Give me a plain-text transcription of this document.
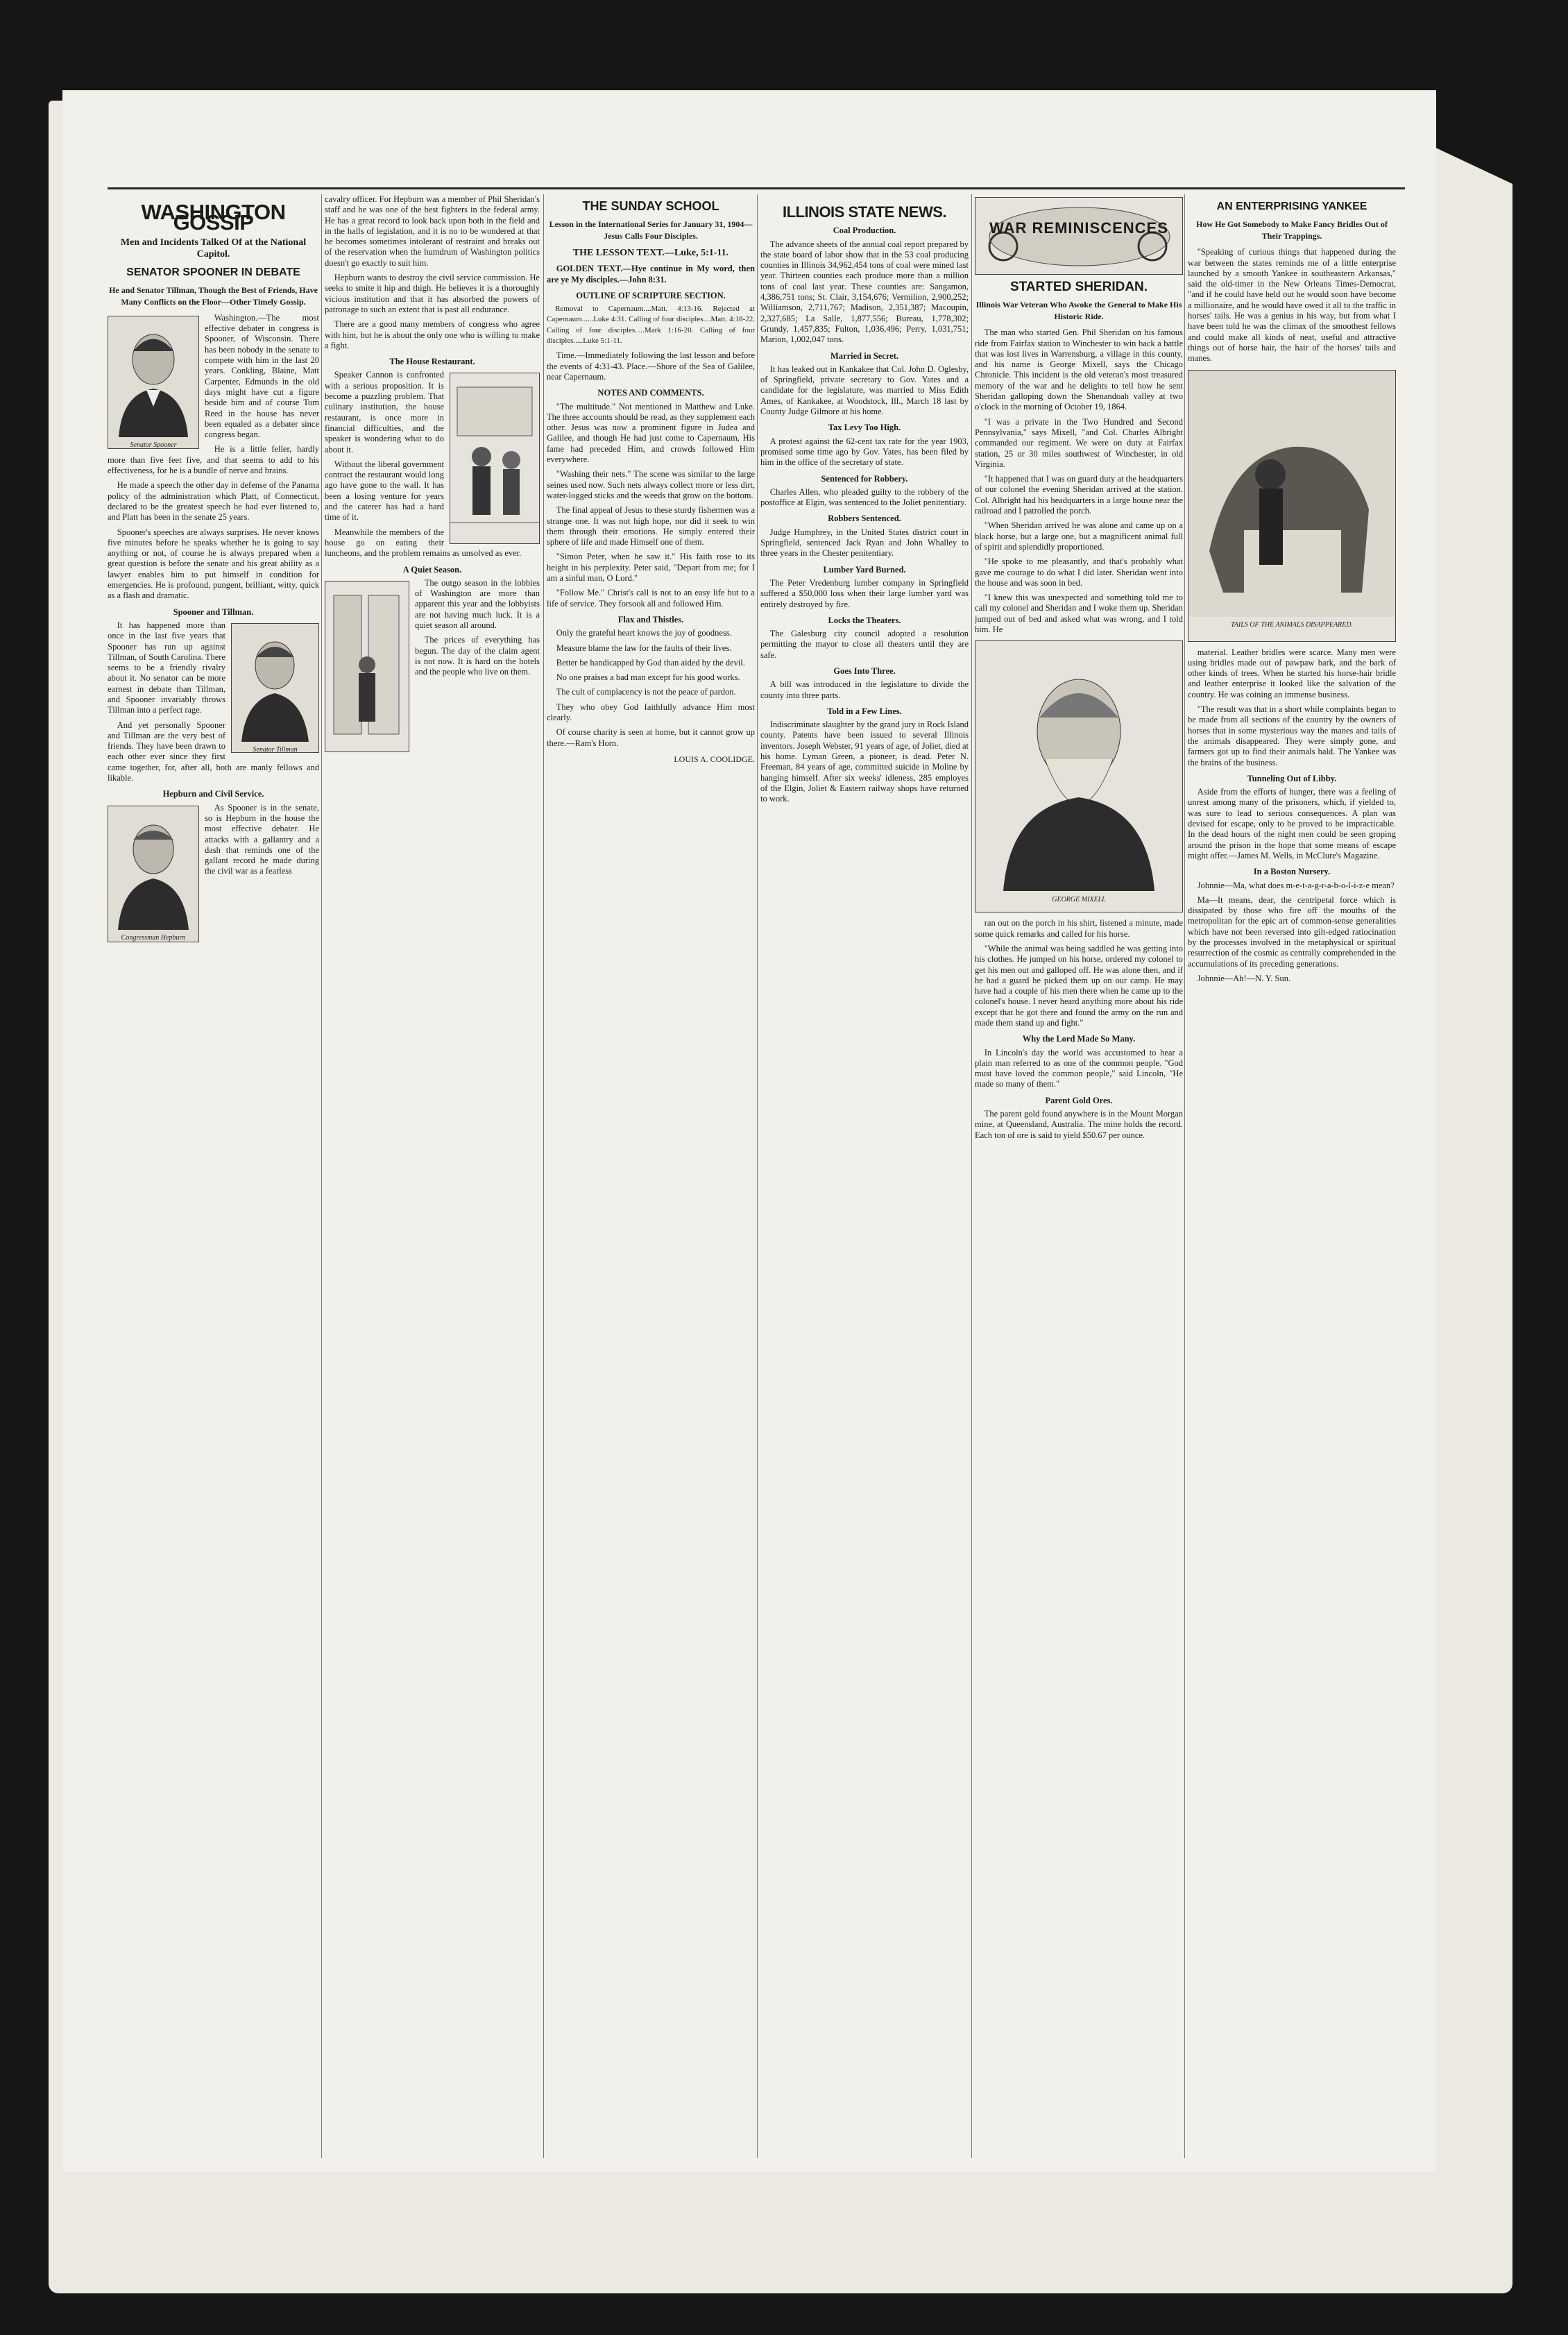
WASHINGTON GOSSIP
Men and Incidents Talked Of at the National Capitol.
SENATOR SPOONER IN DEBATE
He and Senator Tillman, Though the Best of Friends, Have Many Conflicts on the Floor—Other Timely Gossip.
Senator Spooner

Washington.—The most effective debater in congress is Spooner, of Wisconsin. There has been nobody in the senate to compete with him in the last 20 years. Conkling, Blaine, Matt Carpenter, Edmunds in the old days might have cut a figure beside him and of course Tom Reed in the house has never been equaled as a debater since congress began.

He is a little feller, hardly more than five feet five, and that seems to add to his effectiveness, for he is a bundle of nerve and brains.

He made a speech the other day in defense of the Panama policy of the administration which Platt, of Connecticut, declared to be the greatest speech he had ever listened to, and Platt has been in the senate 25 years.

Spooner's speeches are always surprises. He never knows five minutes before he speaks whether he is going to say anything or not, of course he is always prepared when a great question is before the senate and his great ability as a lawyer enables him to put himself in condition for emergencies. He is profound, pungent, brilliant, witty, quick as a flash and dramatic.

Spooner and Tillman.
Senator Tillman

It has happened more than once in the last five years that Spooner has run up against Tillman, of South Carolina. There seems to be a friendly rivalry about it. No senator can be more earnest in debate than Tillman, and Spooner invariably throws Tillman into a perfect rage.

And yet personally Spooner and Tillman are the very best of friends. They have been drawn to each other ever since they first came together, for, after all, both are manly fellows and likable.

Hepburn and Civil Service.
Congressman Hepburn

As Spooner is in the senate, so is Hepburn in the house the most effective debater. He attacks with a gallantry and a dash that reminds one of the gallant record he made during the civil war as a fearless

cavalry officer. For Hepburn was a member of Phil Sheridan's staff and he was one of the best fighters in the federal army. He has a great record to look back upon both in the field and in the halls of legislation, and it is no to be wondered at that he becomes sometimes intolerant of restraint and breaks out of the reservation when the humdrum of Washington politics doesn't go exactly to suit him.

Hepburn wants to destroy the civil service commission. He seeks to smite it hip and thigh. He believes it is a thoroughly vicious institution and that it has absorbed the powers of patronage to such an extent that is past all endurance.

There are a good many members of congress who agree with him, but he is about the only one who is willing to make a fight.

The House Restaurant.

Speaker Cannon is confronted with a serious proposition. It is become a puzzling problem. That culinary institution, the house restaurant, is once more in financial difficulties, and the speaker is wondering what to do about it.

Without the liberal government contract the restaurant would long ago have gone to the wall. It has been a losing venture for years and the caterer has had a hard time of it.

Meanwhile the members of the house go on eating their luncheons, and the problem remains as unsolved as ever.

A Quiet Season.

The outgo season in the lobbies of Washington are more than apparent this year and the lobbyists are not having much luck. It is a quiet season all around.

The prices of everything has begun. The day of the claim agent is not now. It is hard on the hotels and the people who live on them.

THE SUNDAY SCHOOL
Lesson in the International Series for January 31, 1904—Jesus Calls Four Disciples.
THE LESSON TEXT.—Luke, 5:1-11.

GOLDEN TEXT.—Hye continue in My word, then are ye My disciples.—John 8:31.

OUTLINE OF SCRIPTURE SECTION.

Removal to Capernaum....Matt. 4:13-16. Rejected at Capernaum......Luke 4:31. Calling of four disciples....Matt. 4:18-22. Calling of four disciples.....Mark 1:16-20. Calling of four disciples.....Luke 5:1-11.

Time.—Immediately following the last lesson and before the events of 4:31-43. Place.—Shore of the Sea of Galilee, near Capernaum.

NOTES AND COMMENTS.

"The multitude." Not mentioned in Matthew and Luke. The three accounts should be read, as they supplement each other. Jesus was now a prominent figure in Judea and Galilee, and though He had just come to Capernaum, His fame had preceded Him, and crowds followed Him everywhere.

"Washing their nets." The scene was similar to the large seines used now. Such nets always collect more or less dirt, water-logged sticks and the weeds that grow on the bottom.

The final appeal of Jesus to these sturdy fishermen was a strange one. It was not high hope, nor did it seek to win them through their emotions. He simply entered their sphere of life and made Himself one of them.

"Simon Peter, when he saw it." His faith rose to its height in his perplexity. Peter said, "Depart from me; for I am a sinful man, O Lord."

"Follow Me." Christ's call is not to an easy life but to a life of service. They forsook all and followed Him.

Flax and Thistles.

Only the grateful heart knows the joy of goodness.

Measure blame the law for the faults of their lives.

Better be handicapped by God than aided by the devil.

No one praises a bad man except for his good works.

The cult of complacency is not the peace of pardon.

They who obey God faithfully advance Him most clearly.

Of course charity is seen at home, but it cannot grow up there.—Ram's Horn.

LOUIS A. COOLIDGE.
ILLINOIS STATE NEWS.
Coal Production.

The advance sheets of the annual coal report prepared by the state board of labor show that in the 53 coal producing counties in Illinois 34,962,454 tons of coal were mined last year. Thirteen counties each produce more than a million tons of coal last year. These counties are: Sangamon, 4,386,751 tons; St. Clair, 3,154,676; Vermilion, 2,900,252; Williamson, 2,711,767; Madison, 2,351,387; Macoupin, 2,327,685; La Salle, 1,877,556; Bureau, 1,778,302; Grundy, 1,457,835; Fulton, 1,036,496; Perry, 1,031,751; Marion, 1,002,047 tons.

Married in Secret.

It has leaked out in Kankakee that Col. John D. Oglesby, of Springfield, private secretary to Gov. Yates and a candidate for the legislature, was married to Miss Edith Ames, of Kankakee, at Woodstock, Ill., March 18 last by County Judge Gilmore at his home.

Tax Levy Too High.

A protest against the 62-cent tax rate for the year 1903, promised some time ago by Gov. Yates, has been filed by him in the office of the secretary of state.

Sentenced for Robbery.

Charles Allen, who pleaded guilty to the robbery of the postoffice at Elgin, was sentenced to the Joliet penitentiary.

Robbers Sentenced.

Judge Humphrey, in the United States district court in Springfield, sentenced Jack Ryan and John Whalley to three years in the Chester penitentiary.

Lumber Yard Burned.

The Peter Vredenburg lumber company in Springfield suffered a $50,000 loss when their large lumber yard was entirely destroyed by fire.

Locks the Theaters.

The Galesburg city council adopted a resolution permitting the mayor to close all theaters until they are safe.

Goes Into Three.

A bill was introduced in the legislature to divide the county into three parts.

Told in a Few Lines.

Indiscriminate slaughter by the grand jury in Rock Island county. Patents have been issued to several Illinois inventors. Joseph Webster, 91 years of age, of Joliet, died at his home. Lyman Green, a pioneer, is dead. Peter N. Freeman, 84 years of age, committed suicide in Moline by hanging himself. After six weeks' idleness, 285 employes of the Elgin, Joliet & Eastern railway shops have returned to work.

WAR REMINISCENCES
STARTED SHERIDAN.
Illinois War Veteran Who Awoke the General to Make His Historic Ride.

The man who started Gen. Phil Sheridan on his famous ride from Fairfax station to Winchester to win back a battle that was lost lives in Warrensburg, a village in this county, and his name is George Mixell, says the Chicago Chronicle. This incident is the old veteran's most treasured memory of the war and he delights to tell how he sent Sheridan galloping down the Shenandoah valley at two o'clock in the morning of October 19, 1864.

"I was a private in the Two Hundred and Second Pennsylvania," says Mixell, "and Col. Charles Albright commanded our regiment. We were on duty at Fairfax station, 25 or 30 miles southwest of Winchester, in old Virginia.

"It happened that I was on guard duty at the headquarters of our colonel the evening Sheridan arrived at the station. Col. Albright had his headquarters in a large house near the railroad and I patrolled the porch.

"When Sheridan arrived he was alone and came up on a black horse, but a large one, but a magnificent animal full of spirit and splendidly proportioned.

"He spoke to me pleasantly, and that's probably what gave me courage to do what I did later. Sheridan went into the house and was soon in bed.

"I knew this was unexpected and something told me to call my colonel and Sheridan and I woke them up. Sheridan jumped out of bed and asked what was wrong, and I told him. He

GEORGE MIXELL

ran out on the porch in his shirt, listened a minute, made some quick remarks and called for his horse.

"While the animal was being saddled he was getting into his clothes. He jumped on his horse, ordered my colonel to get his men out and galloped off. He was alone then, and if he had a guard he picked them up on our camp. He may have had a couple of his men there when he came up to the colonel's house. I never heard anything more about his ride except that he got there and found the army on the run and made them stand up and fight."

Why the Lord Made So Many.

In Lincoln's day the world was accustomed to hear a plain man referred to as one of the common people. "God must have loved the common people," said Lincoln, "He made so many of them."

Parent Gold Ores.

The parent gold found anywhere is in the Mount Morgan mine, at Queensland, Australia. The mine holds the record. Each ton of ore is said to yield $50.67 per ounce.

AN ENTERPRISING YANKEE
How He Got Somebody to Make Fancy Bridles Out of Their Trappings.

"Speaking of curious things that happened during the war between the states reminds me of a little enterprise launched by a smooth Yankee in southeastern Arkansas," said the old-timer in the New Orleans Times-Democrat, "and if he could have held out he would soon have become a millionaire, and he would have owed it all to the traffic in horses' tails. He was a genius in his way, but from what I have been told he was the climax of the smoothest fellows and could make all kinds of neat, useful and attractive things out of horse hair, the hair of the horses' tails and manes.

TAILS OF THE ANIMALS DISAPPEARED.

material. Leather bridles were scarce. Many men were using bridles made out of pawpaw bark, and the bark of other kinds of trees. When he started his horse-hair bridle and leather enterprise it looked like the salvation of the country. He was coining an immense business.

"The result was that in a short while complaints began to be made from all sections of the country by the owners of horses that in some mysterious way the manes and tails of the animals disappeared. They were simply gone, and farmers got up to find their animals bald. The Yankee was the brains of the business.

Tunneling Out of Libby.

Aside from the efforts of hunger, there was a feeling of unrest among many of the prisoners, which, if yielded to, was sure to lead to serious consequences. A plan was devised for escape, only to be proved to be impracticable. In the dead hours of the night men could be seen groping around the prison in the hope that some means of escape might offer.—James M. Wells, in McClure's Magazine.

In a Boston Nursery.

Johnnie—Ma, what does m-e-t-a-g-r-a-b-o-l-i-z-e mean?

Ma—It means, dear, the centripetal force which is dissipated by those who fire off the mouths of the metropolitan for the epic art of common-sense generalities which have not been reversed into gilt-edged ratiocination by the processes involved in the metaphysical or spiritual resurrection of the cosmic as centrally comprehended in the accumulations of its preceding generations.

Johnnie—Ah!—N. Y. Sun.
